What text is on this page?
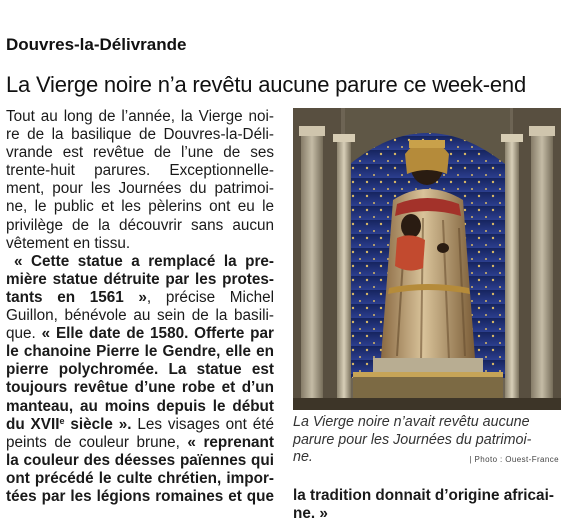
Douvres-la-Délivrande
La Vierge noire n’a revêtu aucune parure ce week-end
Tout au long de l’année, la Vierge noi-
re de la basilique de Douvres-la-Déli-
vrande est revêtue de l’une de ses
trente-huit parures. Exceptionnelle-
ment, pour les Journées du patrimoi-
ne, le public et les pèlerins ont eu le
privilège de la découvrir sans aucun
vêtement en tissu.
« Cette statue a remplacé la pre-
mière statue détruite par les protes-
tants en 1561 », précise Michel
Guillon, bénévole au sein de la basili-
que. « Elle date de 1580. Offerte par
le chanoine Pierre le Gendre, elle en
pierre polychromée. La statue est
toujours revêtue d’une robe et d’un
manteau, au moins depuis le début
du XVIIe siècle ». Les visages ont été
peints de couleur brune, « reprenant
la couleur des déesses païennes qui
ont précédé le culte chrétien, impor-
tées par les légions romaines et que
La Vierge noire n’avait revêtu aucune
parure pour les Journées du patrimoi-
ne.	| Photo : Ouest-France
la tradition donnait d’origine africai-
ne. »
